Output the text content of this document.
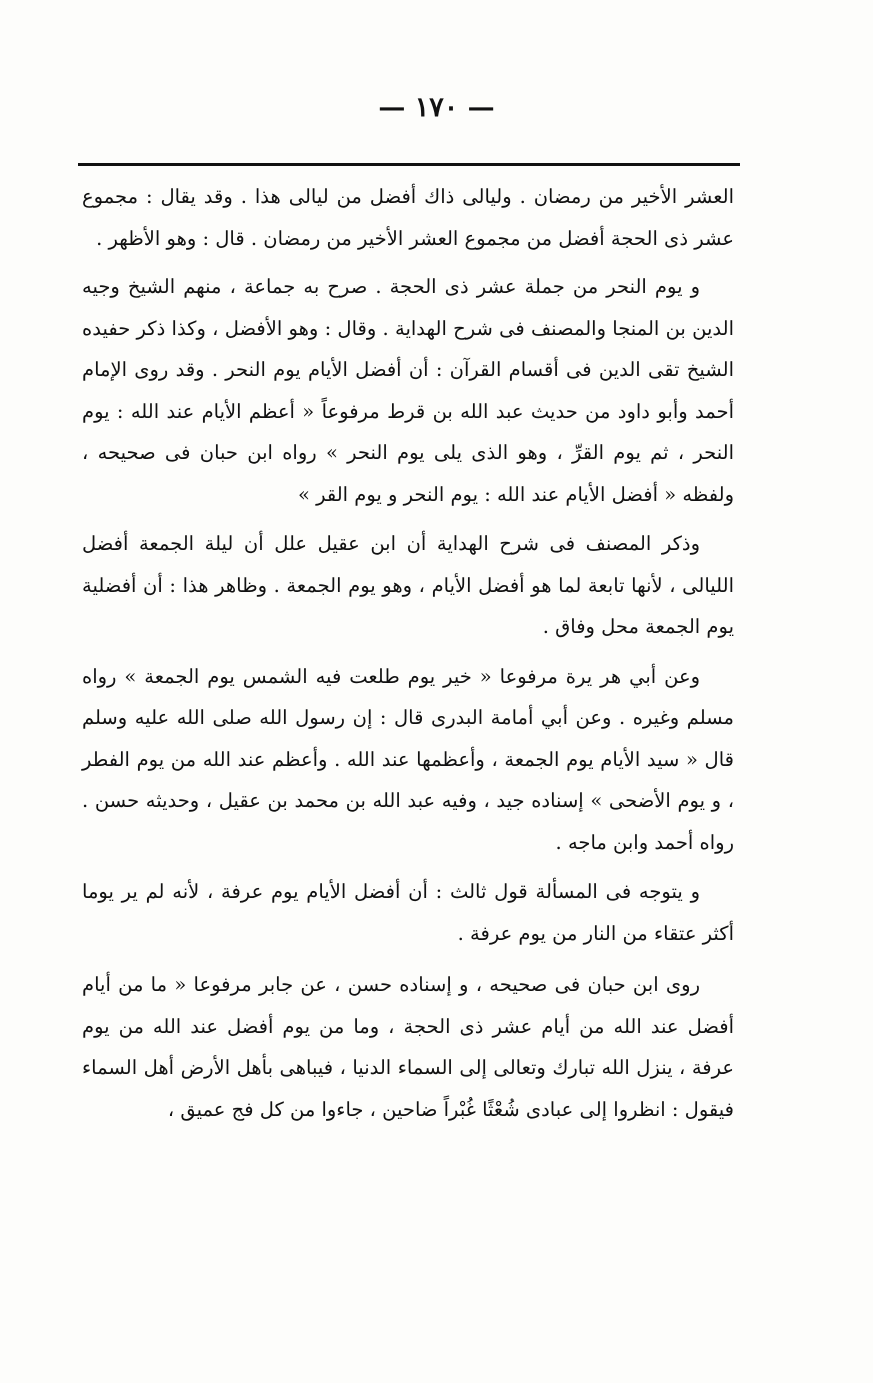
— ١٧٠ —

العشر الأخير من رمضان . وليالى ذاك أفضل من ليالى هذا . وقد يقال : مجموع عشر ذى الحجة أفضل من مجموع العشر الأخير من رمضان . قال : وهو الأظهر .

و يوم النحر من جملة عشر ذى الحجة . صرح به جماعة ، منهم الشيخ وجيه الدين بن المنجا والمصنف فى شرح الهداية . وقال : وهو الأفضل ، وكذا ذكر حفيده الشيخ تقى الدين فى أقسام القرآن : أن أفضل الأيام يوم النحر . وقد روى الإمام أحمد وأبو داود من حديث عبد الله بن قرط مرفوعاً « أعظم الأيام عند الله : يوم النحر ، ثم يوم القرِّ ، وهو الذى يلى يوم النحر » رواه ابن حبان فى صحيحه ، ولفظه « أفضل الأيام عند الله : يوم النحر و يوم القر »

وذكر المصنف فى شرح الهداية أن ابن عقيل علل أن ليلة الجمعة أفضل الليالى ، لأنها تابعة لما هو أفضل الأيام ، وهو يوم الجمعة . وظاهر هذا : أن أفضلية يوم الجمعة محل وفاق .

وعن أبي هر يرة مرفوعا « خير يوم طلعت فيه الشمس يوم الجمعة » رواه مسلم وغيره . وعن أبي أمامة البدرى قال : إن رسول الله صلى الله عليه وسلم قال « سيد الأيام يوم الجمعة ، وأعظمها عند الله . وأعظم عند الله من يوم الفطر ، و يوم الأضحى » إسناده جيد ، وفيه عبد الله بن محمد بن عقيل ، وحديثه حسن . رواه أحمد وابن ماجه .

و يتوجه فى المسألة قول ثالث : أن أفضل الأيام يوم عرفة ، لأنه لم ير يوما أكثر عتقاء من النار من يوم عرفة .

روى ابن حبان فى صحيحه ، و إسناده حسن ، عن جابر مرفوعا « ما من أيام أفضل عند الله من أيام عشر ذى الحجة ، وما من يوم أفضل عند الله من يوم عرفة ، ينزل الله تبارك وتعالى إلى السماء الدنيا ، فيباهى بأهل الأرض أهل السماء فيقول : انظروا إلى عبادى شُعْثًا غُبْراً ضاحين ، جاءوا من كل فج عميق ،
